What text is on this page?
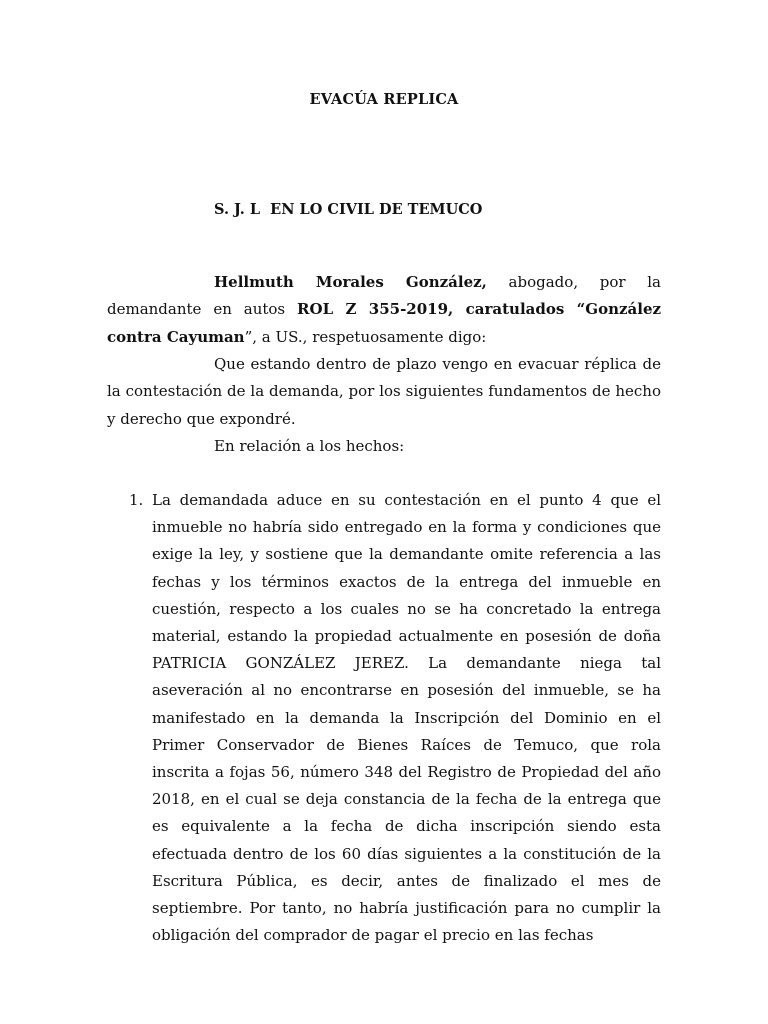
EVACÚA REPLICA
S. J. L  EN LO CIVIL DE TEMUCO

Hellmuth Morales González, abogado, por la demandante en autos ROL Z 355-2019, caratulados “González contra Cayuman”, a US., respetuosamente digo:

Que estando dentro de plazo vengo en evacuar réplica de la contestación de la demanda, por los siguientes fundamentos de hecho y derecho que expondré.

En relación a los hechos:

1. La demandada aduce en su contestación en el punto 4 que el inmueble no habría sido entregado en la forma y condiciones que exige la ley, y sostiene que la demandante omite referencia a las fechas y los términos exactos de la entrega del inmueble en cuestión, respecto a los cuales no se ha concretado la entrega material, estando la propiedad actualmente en posesión de doña PATRICIA GONZÁLEZ JEREZ. La demandante niega tal aseveración al no encontrarse en posesión del inmueble, se ha manifestado en la demanda la Inscripción del Dominio en el Primer Conservador de Bienes Raíces de Temuco, que rola inscrita a fojas 56, número 348 del Registro de Propiedad del año 2018, en el cual se deja constancia de la fecha de la entrega que es equivalente a la fecha de dicha inscripción siendo esta efectuada dentro de los 60 días siguientes a la constitución de la Escritura Pública, es decir, antes de finalizado el mes de septiembre. Por tanto, no habría justificación para no cumplir la obligación del comprador de pagar el precio en las fechas
